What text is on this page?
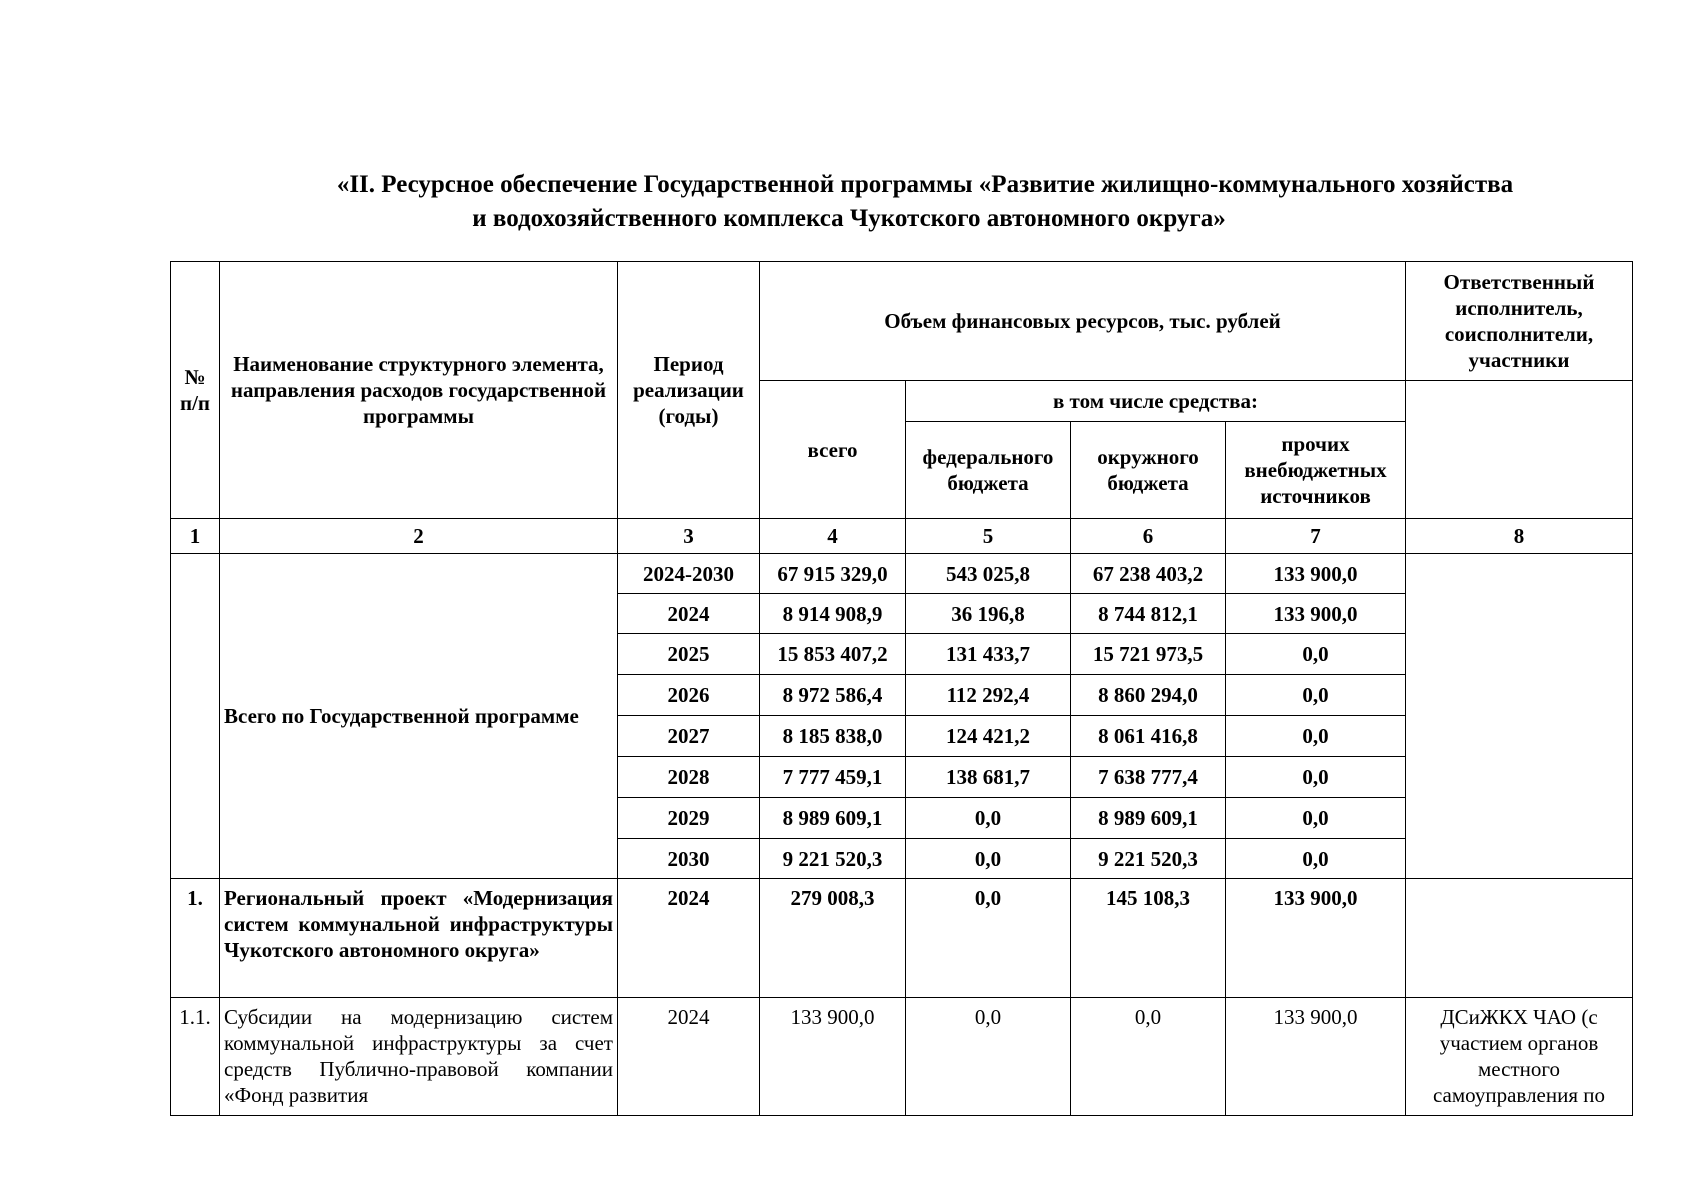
«II. Ресурсное обеспечение Государственной программы «Развитие жилищно-коммунального хозяйства
и водохозяйственного комплекса Чукотского автономного округа»
№ п/п	Наименование структурного элемента, направления расходов государственной программы	Период реализации (годы)	Объем финансовых ресурсов, тыс. рублей				Ответственный исполнитель, соисполнители, участники
			всего	в том числе средства:			
				федерального бюджета	окружного бюджета	прочих внебюджетных источников	
1	2	3	4	5	6	7	8
	Всего по Государственной программе	2024-2030	67 915 329,0	543 025,8	67 238 403,2	133 900,0	
		2024	8 914 908,9	36 196,8	8 744 812,1	133 900,0	
		2025	15 853 407,2	131 433,7	15 721 973,5	0,0	
		2026	8 972 586,4	112 292,4	8 860 294,0	0,0	
		2027	8 185 838,0	124 421,2	8 061 416,8	0,0	
		2028	7 777 459,1	138 681,7	7 638 777,4	0,0	
		2029	8 989 609,1	0,0	8 989 609,1	0,0	
		2030	9 221 520,3	0,0	9 221 520,3	0,0	
1.	Региональный проект «Модернизация систем коммунальной инфраструктуры Чукотского автономного округа»	2024	279 008,3	0,0	145 108,3	133 900,0	
1.1.	Субсидии на модернизацию систем коммунальной инфраструктуры за счет средств Публично-правовой компании «Фонд развития	2024	133 900,0	0,0	0,0	133 900,0	ДСиЖКХ ЧАО (с участием органов местного самоуправления по
